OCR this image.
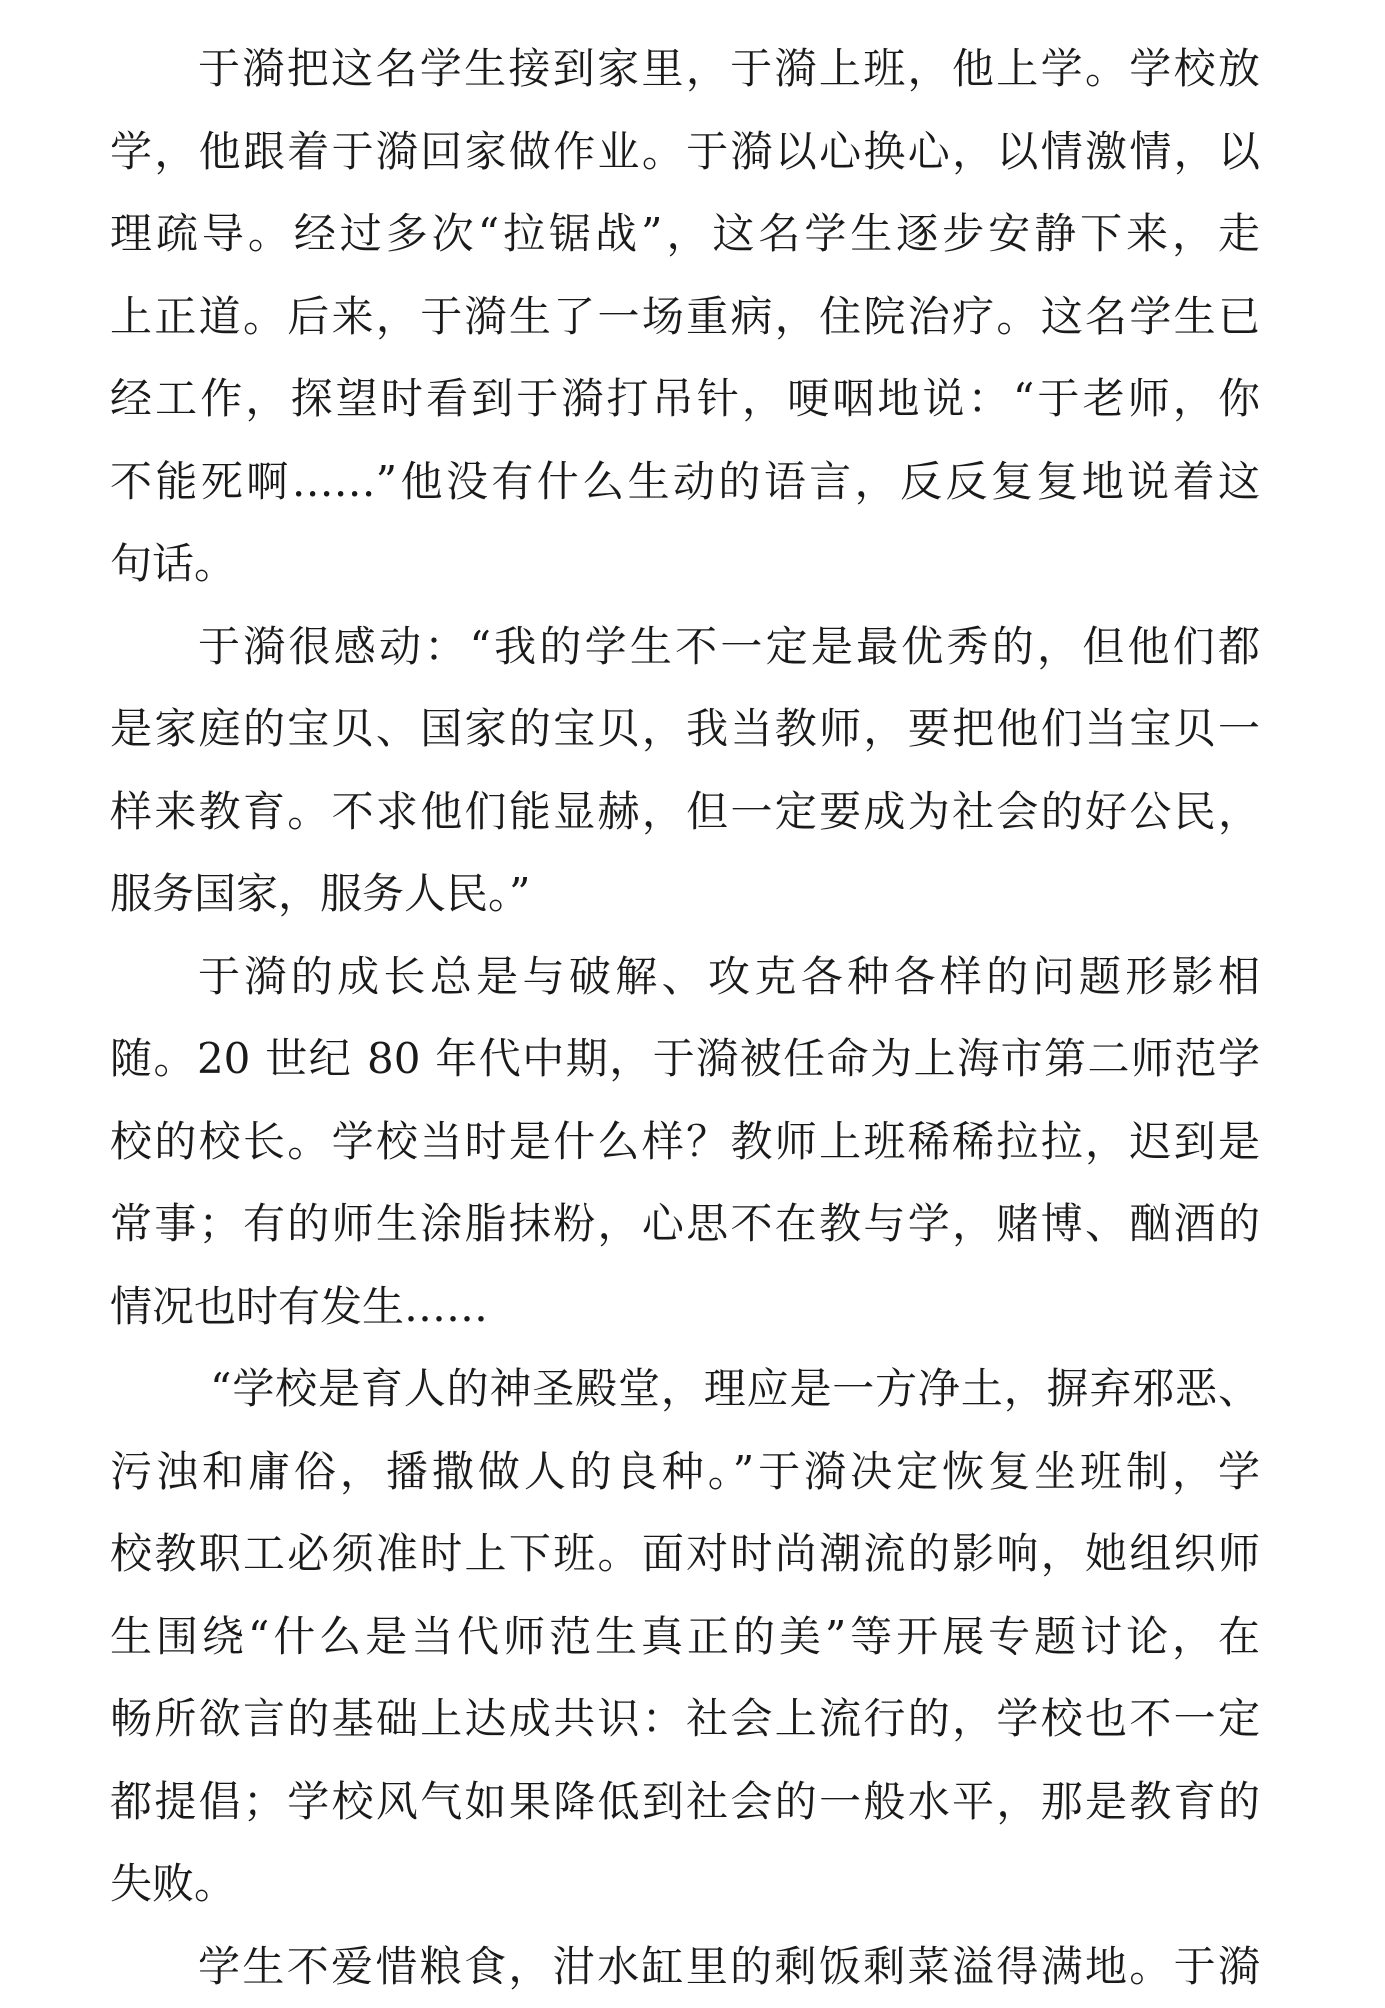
于漪把这名学生接到家里，于漪上班，他上学。学校放
学，他跟着于漪回家做作业。于漪以心换心，以情激情，以
理疏导。经过多次“拉锯战”，这名学生逐步安静下来，走
上正道。后来，于漪生了一场重病，住院治疗。这名学生已
经工作，探望时看到于漪打吊针，哽咽地说：“于老师，你
不能死啊……”他没有什么生动的语言，反反复复地说着这
句话。

于漪很感动：“我的学生不一定是最优秀的，但他们都
是家庭的宝贝、国家的宝贝，我当教师，要把他们当宝贝一
样来教育。不求他们能显赫，但一定要成为社会的好公民，
服务国家，服务人民。”

于漪的成长总是与破解、攻克各种各样的问题形影相
随。20 世纪 80 年代中期，于漪被任命为上海市第二师范学
校的校长。学校当时是什么样？教师上班稀稀拉拉，迟到是
常事；有的师生涂脂抹粉，心思不在教与学，赌博、酗酒的
情况也时有发生……

“学校是育人的神圣殿堂，理应是一方净土，摒弃邪恶、
污浊和庸俗，播撒做人的良种。”于漪决定恢复坐班制，学
校教职工必须准时上下班。面对时尚潮流的影响，她组织师
生围绕“什么是当代师范生真正的美”等开展专题讨论，在
畅所欲言的基础上达成共识：社会上流行的，学校也不一定
都提倡；学校风气如果降低到社会的一般水平，那是教育的
失败。

学生不爱惜粮食，泔水缸里的剩饭剩菜溢得满地。于漪
